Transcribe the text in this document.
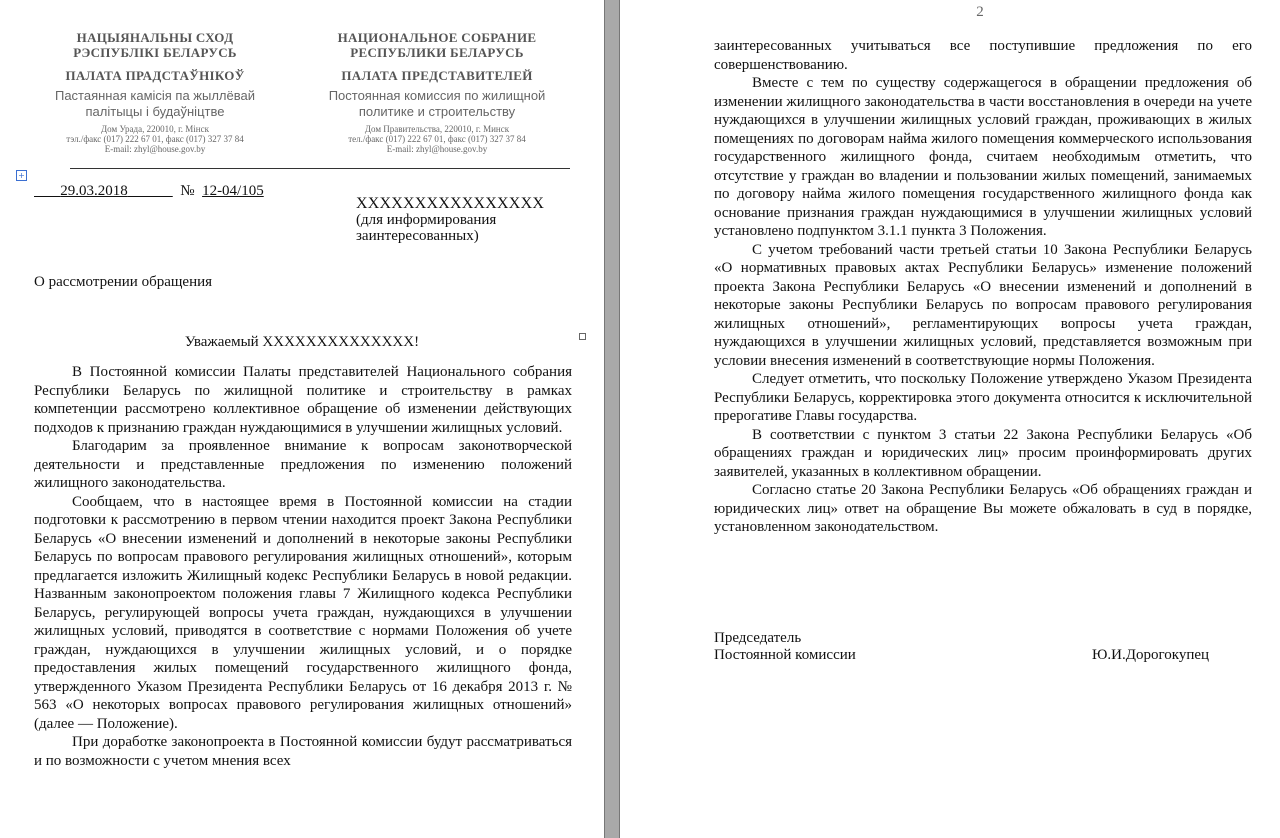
НАЦЫЯНАЛЬНЫ СХОД
РЭСПУБЛІКІ БЕЛАРУСЬ
ПАЛАТА ПРАДСТАЎНІКОЎ
Пастаянная камісія па жыллёвай
палітыцы і будаўніцтве
Дом Урада, 220010, г. Мінск
тэл./факс (017) 222 67 01, факс (017) 327 37 84
E-mail: zhyl@house.gov.by
НАЦИОНАЛЬНОЕ СОБРАНИЕ
РЕСПУБЛИКИ БЕЛАРУСЬ
ПАЛАТА ПРЕДСТАВИТЕЛЕЙ
Постоянная комиссия по жилищной
политике и строительству
Дом Правительства, 220010, г. Минск
тел./факс (017) 222 67 01, факс (017) 327 37 84
E-mail: zhyl@house.gov.by
+
29.03.2018	№ 12-04/105
XXXXXXXXXXXXXXXX
(для информирования
заинтересованных)
О рассмотрении обращения
Уважаемый XXXXXXXXXXXXXX!

В Постоянной комиссии Палаты представителей Национального собрания Республики Беларусь по жилищной политике и строительству в рамках компетенции рассмотрено коллективное обращение об изменении действующих подходов к признанию граждан нуждающимися в улучшении жилищных условий.

Благодарим за проявленное внимание к вопросам законотворческой деятельности и представленные предложения по изменению положений жилищного законодательства.

Сообщаем, что в настоящее время в Постоянной комиссии на стадии подготовки к рассмотрению в первом чтении находится проект Закона Республики Беларусь «О внесении изменений и дополнений в некоторые законы Республики Беларусь по вопросам правового регулирования жилищных отношений», которым предлагается изложить Жилищный кодекс Республики Беларусь в новой редакции. Названным законопроектом положения главы 7 Жилищного кодекса Республики Беларусь, регулирующей вопросы учета граждан, нуждающихся в улучшении жилищных условий, приводятся в соответствие с нормами Положения об учете граждан, нуждающихся в улучшении жилищных условий, и о порядке предоставления жилых помещений государственного жилищного фонда, утвержденного Указом Президента Республики Беларусь от 16 декабря 2013 г. № 563 «О некоторых вопросах правового регулирования жилищных отношений» (далее — Положение).

При доработке законопроекта в Постоянной комиссии будут рассматриваться и по возможности с учетом мнения всех

2

заинтересованных учитываться все поступившие предложения по его совершенствованию.

Вместе с тем по существу содержащегося в обращении предложения об изменении жилищного законодательства в части восстановления в очереди на учете нуждающихся в улучшении жилищных условий граждан, проживающих в жилых помещениях по договорам найма жилого помещения коммерческого использования государственного жилищного фонда, считаем необходимым отметить, что отсутствие у граждан во владении и пользовании жилых помещений, занимаемых по договору найма жилого помещения государственного жилищного фонда как основание признания граждан нуждающимися в улучшении жилищных условий установлено подпунктом 3.1.1 пункта 3 Положения.

С учетом требований части третьей статьи 10 Закона Республики Беларусь «О нормативных правовых актах Республики Беларусь» изменение положений проекта Закона Республики Беларусь «О внесении изменений и дополнений в некоторые законы Республики Беларусь по вопросам правового регулирования жилищных отношений», регламентирующих вопросы учета граждан, нуждающихся в улучшении жилищных условий, представляется возможным при условии внесения изменений в соответствующие нормы Положения.

Следует отметить, что поскольку Положение утверждено Указом Президента Республики Беларусь, корректировка этого документа относится к исключительной прерогативе Главы государства.

В соответствии с пунктом 3 статьи 22 Закона Республики Беларусь «Об обращениях граждан и юридических лиц» просим проинформировать других заявителей, указанных в коллективном обращении.

Согласно статье 20 Закона Республики Беларусь «Об обращениях граждан и юридических лиц» ответ на обращение Вы можете обжаловать в суд в порядке, установленном законодательством.

Председатель
Постоянной комиссии	Ю.И.Дорогокупец
